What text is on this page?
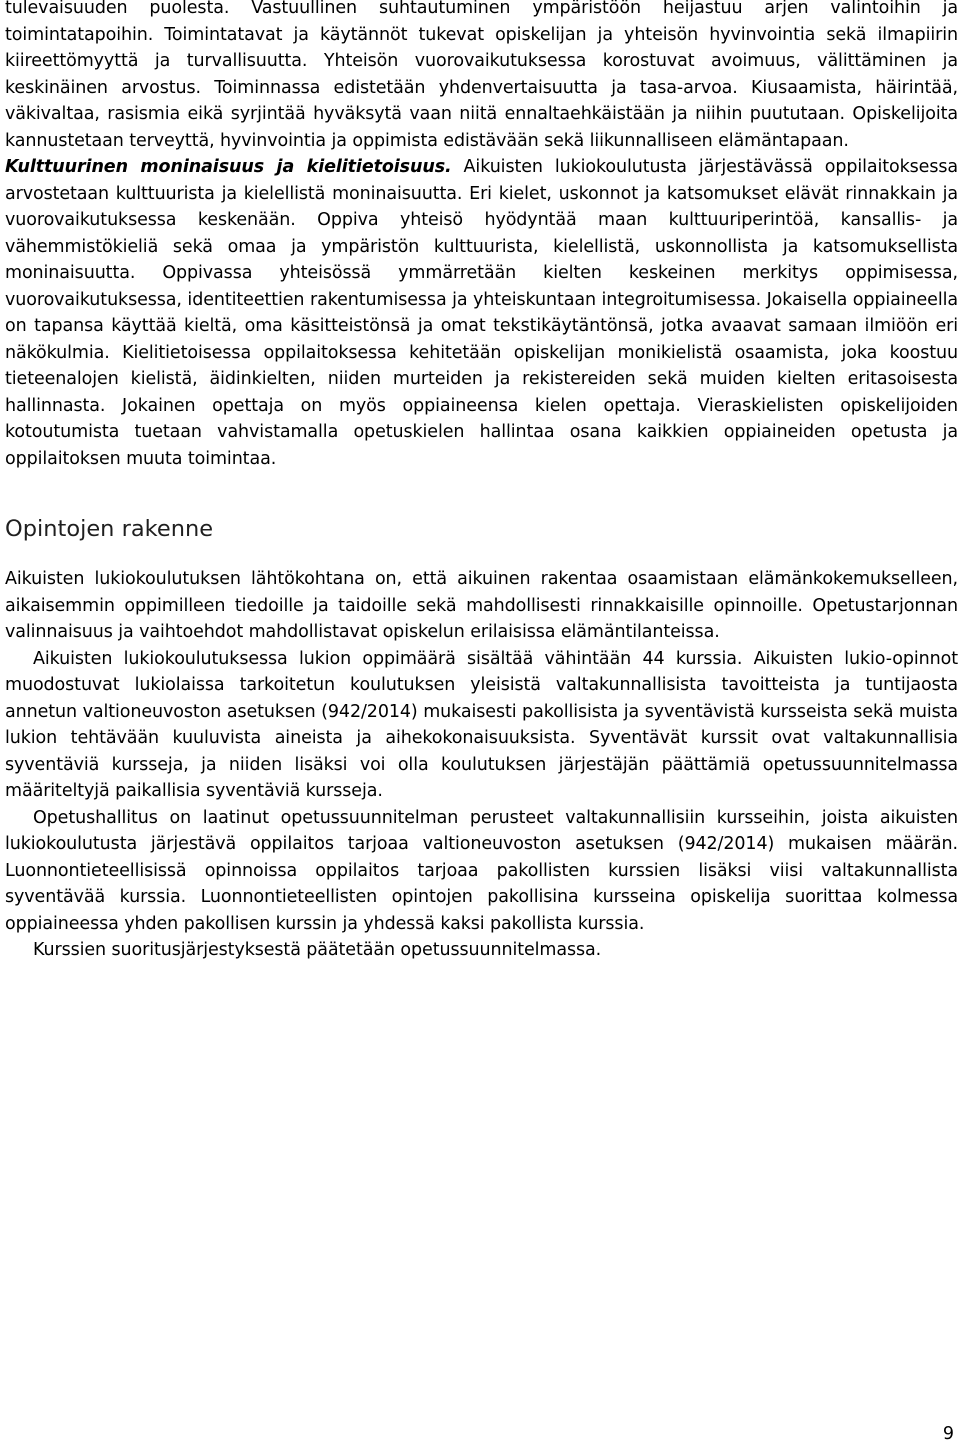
tulevaisuuden puolesta. Vastuullinen suhtautuminen ympäristöön heijastuu arjen valintoihin ja toimintatapoihin. Toimintatavat ja käytännöt tukevat opiskelijan ja yhteisön hyvinvointia sekä ilmapiirin kiireettömyyttä ja turvallisuutta. Yhteisön vuorovaikutuksessa korostuvat avoimuus, välittäminen ja keskinäinen arvostus. Toiminnassa edistetään yhdenvertaisuutta ja tasa-arvoa. Kiusaamista, häirintää, väkivaltaa, rasismia eikä syrjintää hyväksytä vaan niitä ennaltaehkäistään ja niihin puututaan. Opiskelijoita kannustetaan terveyttä, hyvinvointia ja oppimista edistävään sekä liikunnalliseen elämäntapaan.

Kulttuurinen moninaisuus ja kielitietoisuus. Aikuisten lukiokoulutusta järjestävässä oppilaitoksessa arvostetaan kulttuurista ja kielellistä moninaisuutta. Eri kielet, uskonnot ja katsomukset elävät rinnakkain ja vuorovaikutuksessa keskenään. Oppiva yhteisö hyödyntää maan kulttuuriperintöä, kansallis- ja vähemmistökieliä sekä omaa ja ympäristön kulttuurista, kielellistä, uskonnollista ja katsomuksellista moninaisuutta. Oppivassa yhteisössä ymmärretään kielten keskeinen merkitys oppimisessa, vuorovaikutuksessa, identiteettien rakentumisessa ja yhteiskuntaan integroitumisessa. Jokaisella oppiaineella on tapansa käyttää kieltä, oma käsitteistönsä ja omat tekstikäytäntönsä, jotka avaavat samaan ilmiöön eri näkökulmia. Kielitietoisessa oppilaitoksessa kehitetään opiskelijan monikielistä osaamista, joka koostuu tieteenalojen kielistä, äidinkielten, niiden murteiden ja rekistereiden sekä muiden kielten eritasoisesta hallinnasta. Jokainen opettaja on myös oppiaineensa kielen opettaja. Vieraskielisten opiskelijoiden kotoutumista tuetaan vahvistamalla opetuskielen hallintaa osana kaikkien oppiaineiden opetusta ja oppilaitoksen muuta toimintaa.

Opintojen rakenne

Aikuisten lukiokoulutuksen lähtökohtana on, että aikuinen rakentaa osaamistaan elämänkokemukselleen, aikaisemmin oppimilleen tiedoille ja taidoille sekä mahdollisesti rinnakkaisille opinnoille. Opetustarjonnan valinnaisuus ja vaihtoehdot mahdollistavat opiskelun erilaisissa elämäntilanteissa.

Aikuisten lukiokoulutuksessa lukion oppimäärä sisältää vähintään 44 kurssia. Aikuisten lukio-opinnot muodostuvat lukiolaissa tarkoitetun koulutuksen yleisistä valtakunnallisista tavoitteista ja tuntijaosta annetun valtioneuvoston asetuksen (942/2014) mukaisesti pakollisista ja syventävistä kursseista sekä muista lukion tehtävään kuuluvista aineista ja aihekokonaisuuksista. Syventävät kurssit ovat valtakunnallisia syventäviä kursseja, ja niiden lisäksi voi olla koulutuksen järjestäjän päättämiä opetussuunnitelmassa määriteltyjä paikallisia syventäviä kursseja.

Opetushallitus on laatinut opetussuunnitelman perusteet valtakunnallisiin kursseihin, joista aikuisten lukiokoulutusta järjestävä oppilaitos tarjoaa valtioneuvoston asetuksen (942/2014) mukaisen määrän. Luonnontieteellisissä opinnoissa oppilaitos tarjoaa pakollisten kurssien lisäksi viisi valtakunnallista syventävää kurssia. Luonnontieteellisten opintojen pakollisina kursseina opiskelija suorittaa kolmessa oppiaineessa yhden pakollisen kurssin ja yhdessä kaksi pakollista kurssia.

Kurssien suoritusjärjestyksestä päätetään opetussuunnitelmassa.

9
